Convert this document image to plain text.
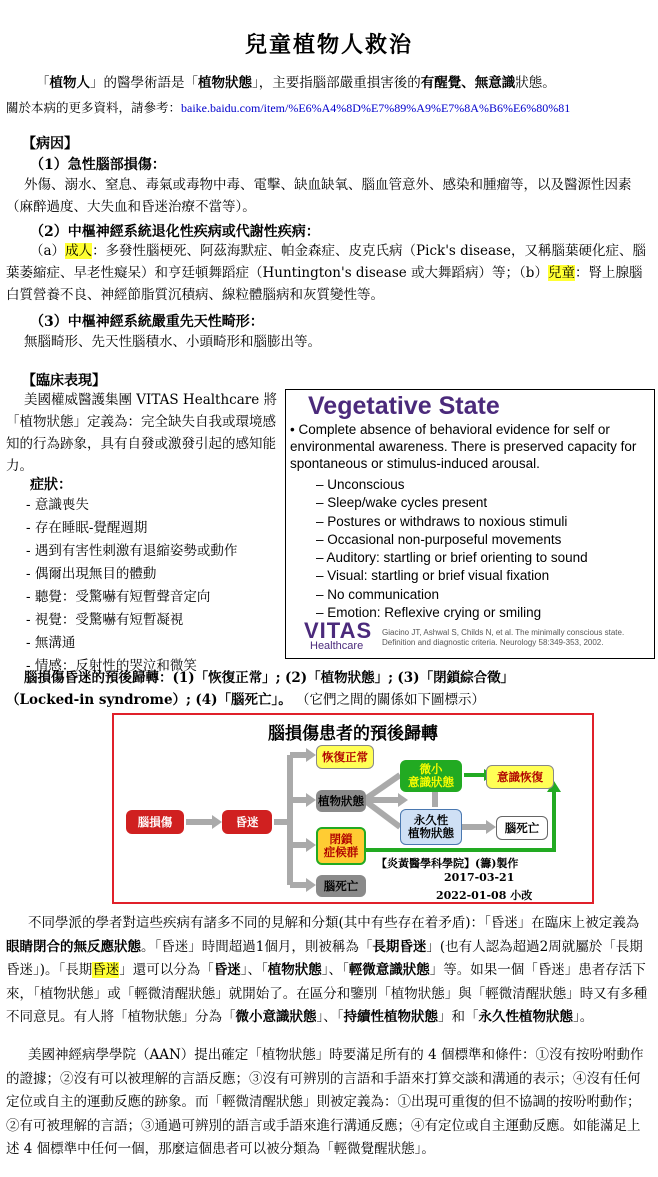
兒童植物人救治
「植物人」的醫學術語是「植物狀態」，主要指腦部嚴重損害後的有醒覺、無意識狀態。
關於本病的更多資料，請參考：baike.baidu.com/item/%E6%A4%8D%E7%89%A9%E7%8A%B6%E6%80%81
【病因】
（1）急性腦部損傷：
外傷、溺水、窒息、毒氣或毒物中毒、電擊、缺血缺氧、腦血管意外、感染和腫瘤等，以及醫源性因素（麻醉過度、大失血和昏迷治療不當等）。
（2）中樞神經系統退化性疾病或代謝性疾病：
（a）成人：多發性腦梗死、阿茲海默症、帕金森症、皮克氏病（Pick's disease，又稱腦葉硬化症、腦葉萎縮症、早老性癡呆）和亨廷頓舞蹈症（Huntington's disease 或大舞蹈病）等；（b）兒童：腎上腺腦白質營養不良、神經節脂質沉積病、線粒體腦病和灰質變性等。
（3）中樞神經系統嚴重先天性畸形：
無腦畸形、先天性腦積水、小頭畸形和腦膨出等。
【臨床表現】
美國權威醫護集團 VITAS Healthcare 將「植物狀態」定義為：完全缺失自我或環境感知的行為跡象，具有自發或激發引起的感知能力。
症狀：
- 意識喪失
- 存在睡眠-覺醒週期
- 遇到有害性刺激有退縮姿勢或動作
- 偶爾出現無目的體動
- 聽覺：受驚嚇有短暫聲音定向
- 視覺：受驚嚇有短暫凝視
- 無溝通
- 情感：反射性的哭泣和微笑
Vegetative State
• Complete absence of behavioral evidence for self or environmental awareness. There is preserved capacity for spontaneous or stimulus-induced arousal.
– Unconscious
– Sleep/wake cycles present
– Postures or withdraws to noxious stimuli
– Occasional non-purposeful movements
– Auditory: startling or brief orienting to sound
– Visual: startling or brief visual fixation
– No communication
– Emotion: Reflexive crying or smiling
VITAS
Healthcare
Giacino JT, Ashwal S, Childs N, et al. The minimally conscious state. Definition and diagnostic criteria. Neurology 58:349-353, 2002.
腦損傷昏迷的預後歸轉：(1)「恢復正常」; (2)「植物狀態」; (3)「閉鎖綜合徵」
（Locked-in syndrome）; (4)「腦死亡」。 （它們之間的關係如下圖標示）
腦損傷患者的預後歸轉
腦損傷	昏迷
恢復正常
植物狀態
閉鎖
症候群
腦死亡
微小
意識狀態
永久性
植物狀態
意識恢復
腦死亡
【炎黃醫學科學院】(籌)製作
2017-03-21
2022-01-08 小改
不同學派的學者對這些疾病有諸多不同的見解和分類(其中有些存在着矛盾)：「昏迷」在臨床上被定義為眼睛閉合的無反應狀態。「昏迷」時間超過1個月，則被稱為「長期昏迷」(也有人認為超過2周就屬於「長期昏迷」)。「長期昏迷」還可以分為「昏迷」、「植物狀態」、「輕微意識狀態」等。如果一個「昏迷」患者存活下來，「植物狀態」或「輕微清醒狀態」就開始了。在區分和鑒別「植物狀態」與「輕微清醒狀態」時又有多種不同意見。有人將「植物狀態」分為「微小意識狀態」、「持續性植物狀態」和「永久性植物狀態」。
美國神經病學學院（AAN）提出確定「植物狀態」時要滿足所有的 4 個標準和條件：①沒有按吩咐動作的證據；②沒有可以被理解的言語反應；③沒有可辨別的言語和手語來打算交談和溝通的表示；④沒有任何定位或自主的運動反應的跡象。而「輕微清醒狀態」則被定義為：①出現可重復的但不協調的按吩咐動作；②有可被理解的言語；③通過可辨別的語言或手語來進行溝通反應；④有定位或自主運動反應。如能滿足上述 4 個標準中任何一個，那麼這個患者可以被分類為「輕微覺醒狀態」。
